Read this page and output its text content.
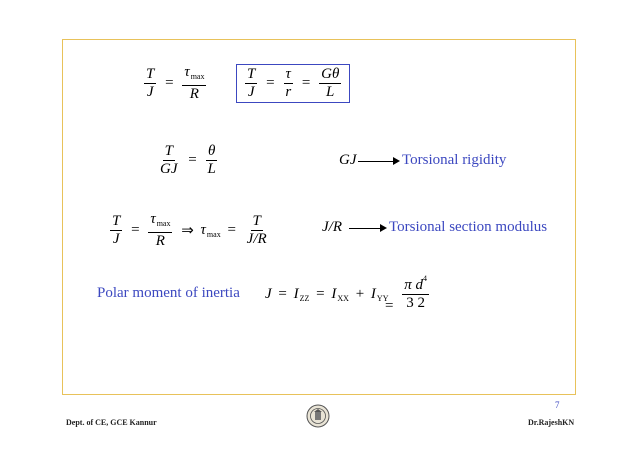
$\frac{T}{J} = \frac{\tau_{max}}{R}$	$\frac{T}{J} = \frac{\tau}{r} = \frac{G\theta}{L}$
$\frac{T}{GJ} = \frac{\theta}{L}$	GJ	Torsional rigidity
$\frac{T}{J} = \frac{\tau_{max}}{R}$ ⇒ $\tau_{max} = \frac{T}{J/R}$	J/R	Torsional section modulus
Polar moment of inertia $J = I_{ZZ} = I_{XX} + I_{YY}$
= $\frac{\pi d^4}{3 2}$
7
Dept. of CE, GCE Kannur	Dr.RajeshKN
